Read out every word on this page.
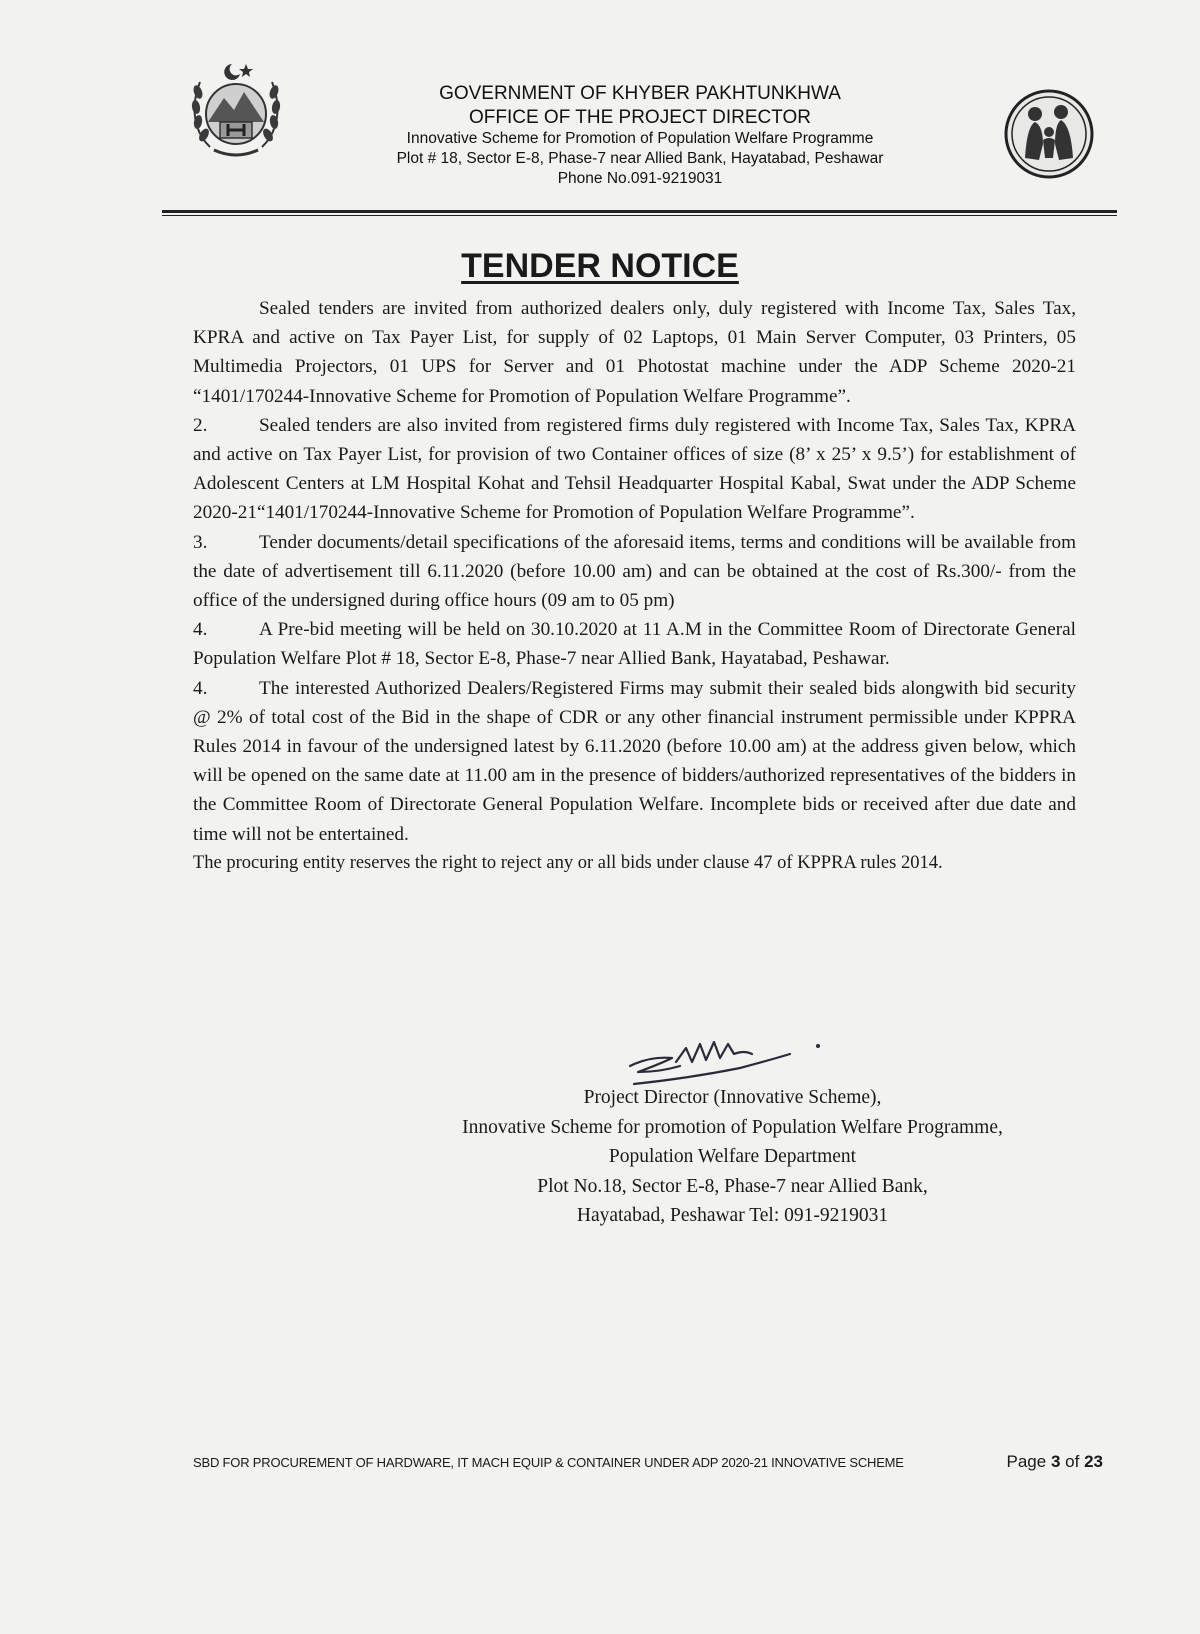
GOVERNMENT OF KHYBER PAKHTUNKHWA
OFFICE OF THE PROJECT DIRECTOR
Innovative Scheme for Promotion of Population Welfare Programme
Plot # 18, Sector E-8, Phase-7 near Allied Bank, Hayatabad, Peshawar
Phone No.091-9219031
TENDER NOTICE

Sealed tenders are invited from authorized dealers only, duly registered with Income Tax, Sales Tax, KPRA and active on Tax Payer List, for supply of 02 Laptops, 01 Main Server Computer, 03 Printers, 05 Multimedia Projectors, 01 UPS for Server and 01 Photostat machine under the ADP Scheme 2020-21 “1401/170244-Innovative Scheme for Promotion of Population Welfare Programme”.

2.	Sealed tenders are also invited from registered firms duly registered with Income Tax, Sales Tax, KPRA and active on Tax Payer List, for provision of two Container offices of size (8’ x 25’ x 9.5’) for establishment of Adolescent Centers at LM Hospital Kohat and Tehsil Headquarter Hospital Kabal, Swat under the ADP Scheme 2020-21“1401/170244-Innovative Scheme for Promotion of Population Welfare Programme”.

3.	Tender documents/detail specifications of the aforesaid items, terms and conditions will be available from the date of advertisement till 6.11.2020 (before 10.00 am) and can be obtained at the cost of Rs.300/- from the office of the undersigned during office hours (09 am to 05 pm)

4.	A Pre-bid meeting will be held on 30.10.2020 at 11 A.M in the Committee Room of Directorate General Population Welfare Plot # 18, Sector E-8, Phase-7 near Allied Bank, Hayatabad, Peshawar.

4.	The interested Authorized Dealers/Registered Firms may submit their sealed bids alongwith bid security @ 2% of total cost of the Bid in the shape of CDR or any other financial instrument permissible under KPPRA Rules 2014 in favour of the undersigned latest by 6.11.2020 (before 10.00 am) at the address given below, which will be opened on the same date at 11.00 am in the presence of bidders/authorized representatives of the bidders in the Committee Room of Directorate General Population Welfare. Incomplete bids or received after due date and time will not be entertained.

The procuring entity reserves the right to reject any or all bids under clause 47 of KPPRA rules 2014.

Project Director (Innovative Scheme),
Innovative Scheme for promotion of Population Welfare Programme,
Population Welfare Department
Plot No.18, Sector E-8, Phase-7 near Allied Bank,
Hayatabad, Peshawar Tel: 091-9219031
SBD FOR PROCUREMENT OF HARDWARE, IT MACH EQUIP & CONTAINER UNDER ADP 2020-21 INNOVATIVE SCHEME	Page 3 of 23
